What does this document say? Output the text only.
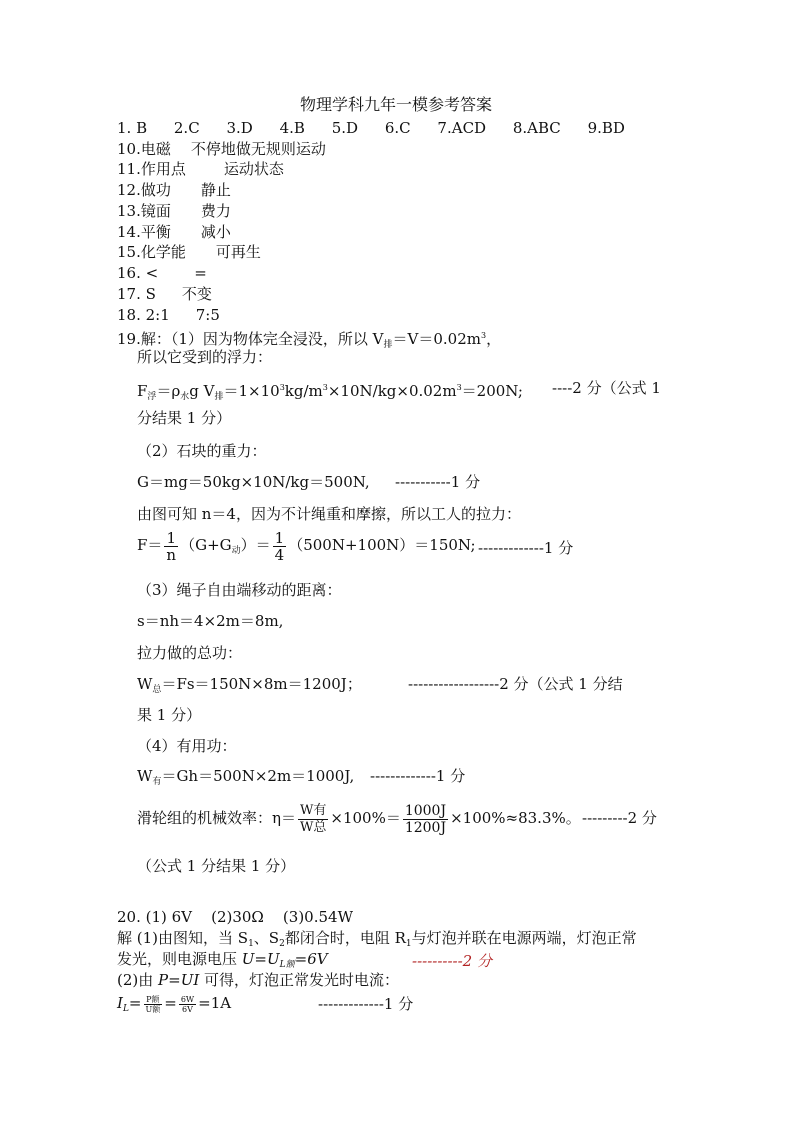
物理学科九年一模参考答案
1. B 2.C 3.D 4.B 5.D 6.C 7.ACD 8.ABC 9.BD
10.电磁 不停地做无规则运动
11.作用点	运动状态
12.做功 静止
13.镜面 费力
14.平衡 减小
15.化学能 可再生
16. < =
17. S 不变
18. 2:1 7:5
19.解：（1）因为物体完全浸没，所以 $V_排=V=0.02m^3$，
所以它受到的浮力：
$F_浮=\rho_水g$ $V_排=1\times 10^3kg/m^3\times 10N/kg\times 0.02m^3=200N$; ----2 分（公式 1
分结果 1 分）
（2）石块的重力：
G＝mg＝50kg×10N/kg＝500N, -----------1 分
由图可知 n＝4，因为不计绳重和摩擦，所以工人的拉力：
$F= \frac{1}{n} (G+G_动)= \frac{1}{4} (500N+100N)=150N$; -------------1 分
（3）绳子自由端移动的距离：
s＝nh＝4×2m＝8m,
拉力做的总功：
$W_总=Fs=150N\times 8m=1200J$；	------------------2 分（公式 1 分结
果 1 分）
（4）有用功：
$W_有=Gh=500N\times 2m=1000J$, -------------1 分
滑轮组的机械效率：$\eta= \frac{\text{W有}}{\text{W总}} \times 100\%= \frac{1000J}{1200J} \times 100\%\approx 83.3\%$。 ---------2 分
（公式 1 分结果 1 分）
20. (1) 6V    (2)30Ω    (3)0.54W
解 (1)由图知，当 $S_1$、$S_2$都闭合时，电阻 $R_1$与灯泡并联在电源两端，灯泡正常
发光，则电源电压 $U=U_{L额}=6V$	----------2 分
(2)由 P=UI 可得，灯泡正常发光时电流：
$I_L= \frac{\text{P额}}{\text{U额}} = \frac{6W}{6V} =1A$	-------------1 分
